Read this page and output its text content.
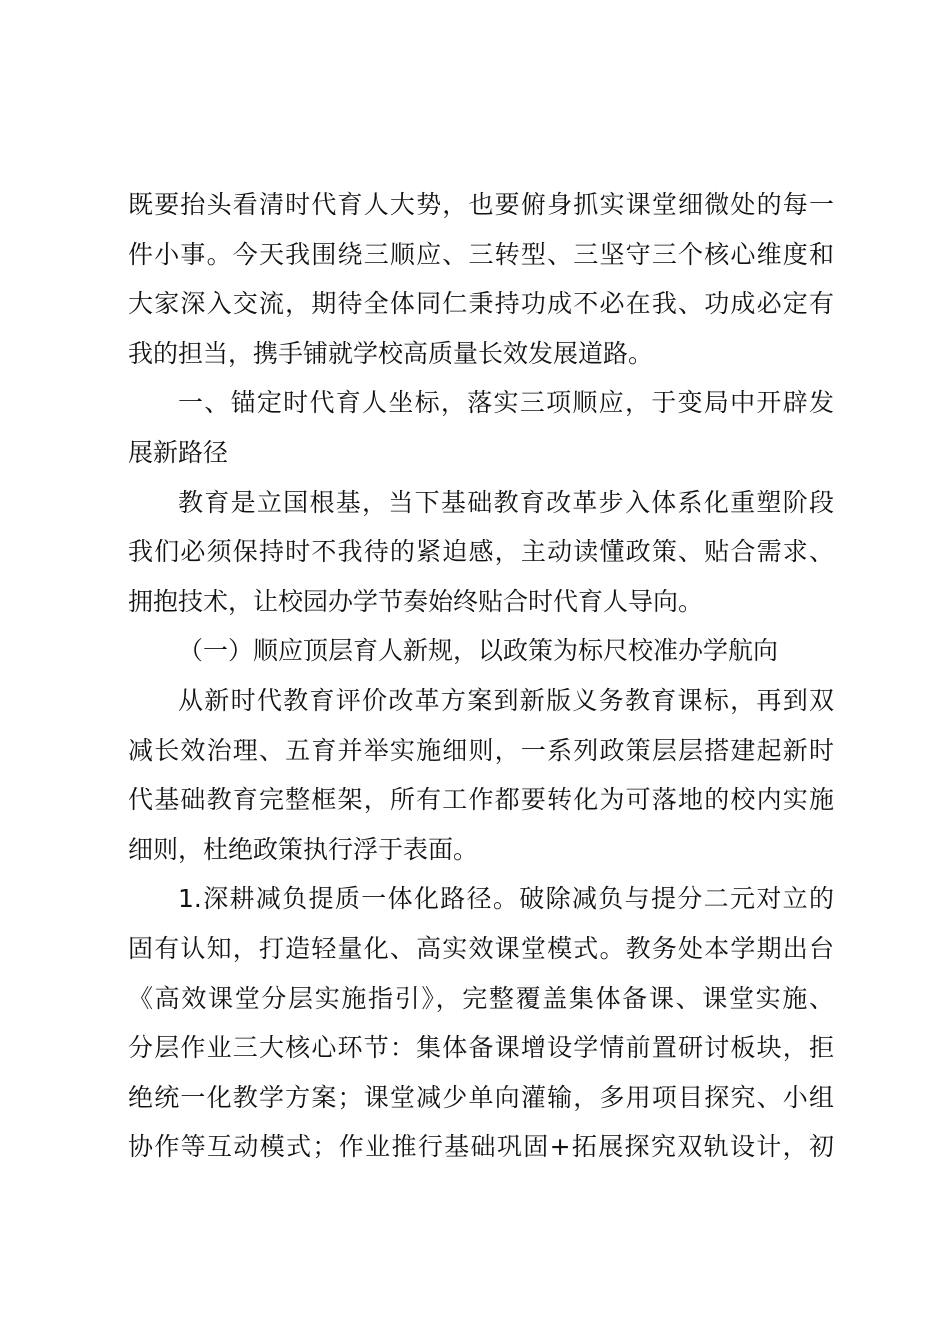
既要抬头看清时代育人大势，也要俯身抓实课堂细微处的每一
件小事。今天我围绕三顺应、三转型、三坚守三个核心维度和
大家深入交流，期待全体同仁秉持功成不必在我、功成必定有
我的担当，携手铺就学校高质量长效发展道路。
一、锚定时代育人坐标，落实三项顺应，于变局中开辟发
展新路径
教育是立国根基，当下基础教育改革步入体系化重塑阶段
我们必须保持时不我待的紧迫感，主动读懂政策、贴合需求、
拥抱技术，让校园办学节奏始终贴合时代育人导向。
（一）顺应顶层育人新规，以政策为标尺校准办学航向
从新时代教育评价改革方案到新版义务教育课标，再到双
减长效治理、五育并举实施细则，一系列政策层层搭建起新时
代基础教育完整框架，所有工作都要转化为可落地的校内实施
细则，杜绝政策执行浮于表面。
1.深耕减负提质一体化路径。破除减负与提分二元对立的
固有认知，打造轻量化、高实效课堂模式。教务处本学期出台
《高效课堂分层实施指引》，完整覆盖集体备课、课堂实施、
分层作业三大核心环节：集体备课增设学情前置研讨板块，拒
绝统一化教学方案；课堂减少单向灌输，多用项目探究、小组
协作等互动模式；作业推行基础巩固+拓展探究双轨设计，初
